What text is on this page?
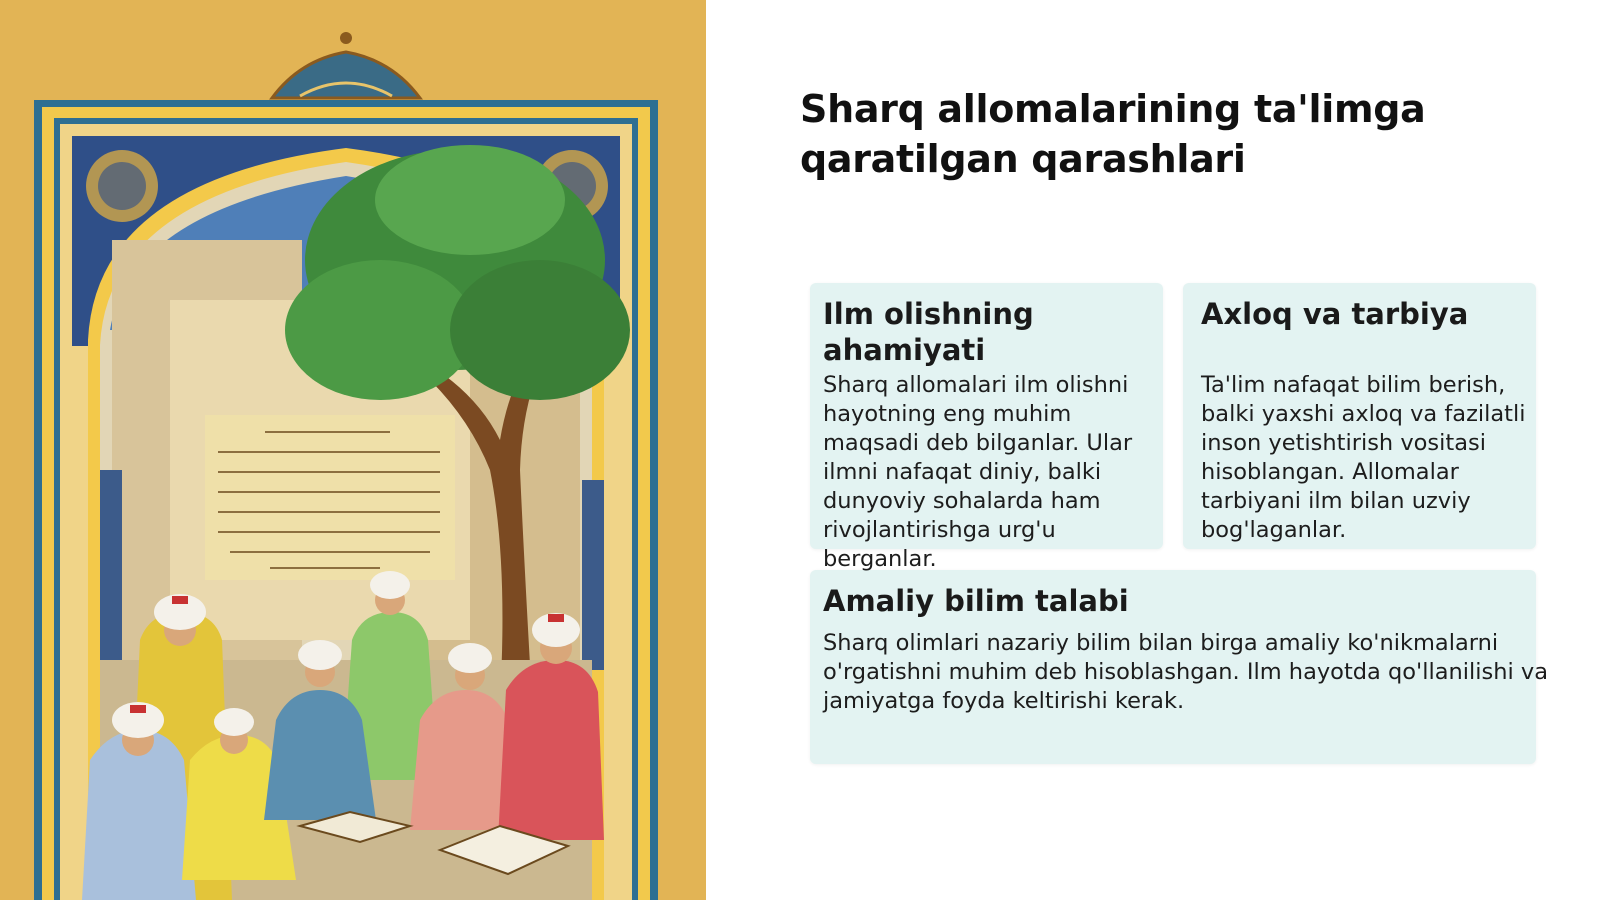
Sharq allomalarining ta'limga qaratilgan qarashlari
Ilm olishning ahamiyati

Sharq allomalari ilm olishni hayotning eng muhim maqsadi deb bilganlar. Ular ilmni nafaqat diniy, balki dunyoviy sohalarda ham rivojlantirishga urg'u berganlar.

Axloq va tarbiya

Ta'lim nafaqat bilim berish, balki yaxshi axloq va fazilatli inson yetishtirish vositasi hisoblangan. Allomalar tarbiyani ilm bilan uzviy bog'laganlar.

Amaliy bilim talabi

Sharq olimlari nazariy bilim bilan birga amaliy ko'nikmalarni o'rgatishni muhim deb hisoblashgan. Ilm hayotda qo'llanilishi va jamiyatga foyda keltirishi kerak.
